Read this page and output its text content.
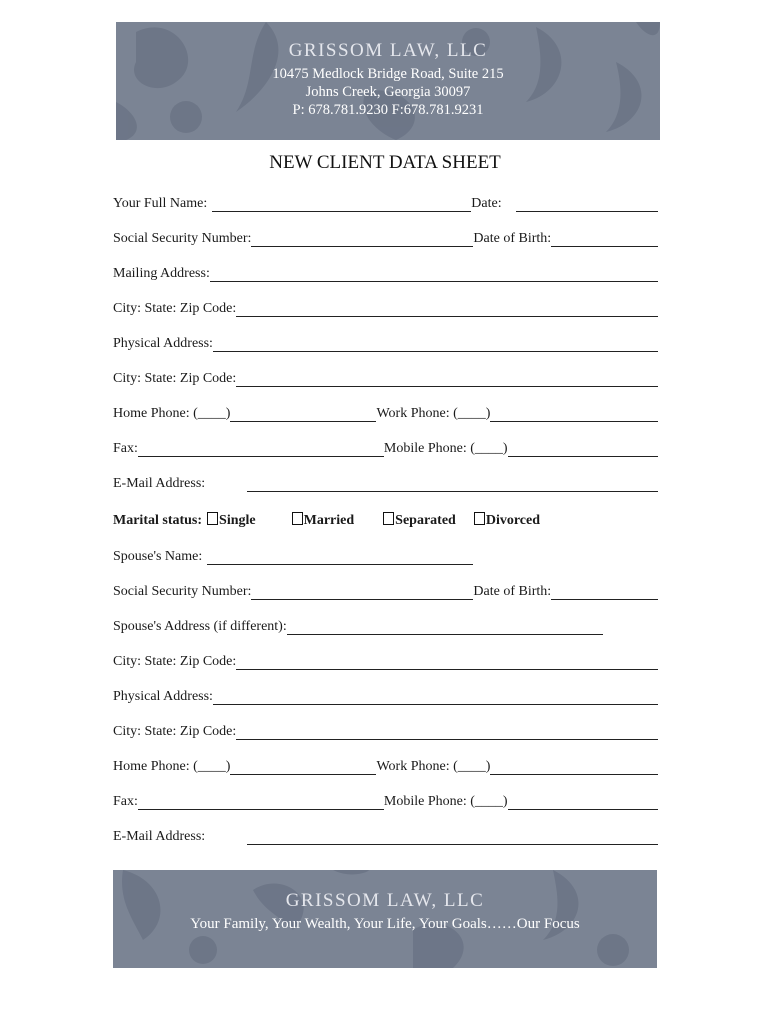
GRISSOM LAW, LLC
10475 Medlock Bridge Road, Suite 215
Johns Creek, Georgia 30097
P: 678.781.9230 F:678.781.9231
NEW CLIENT DATA SHEET
Your Full Name:	Date:
Social Security Number:	Date of Birth:
Mailing Address:
City: State: Zip Code:
Physical Address:
City: State: Zip Code:
Home Phone: (____)	Work Phone: (____)
Fax:	Mobile Phone: (____)
E-Mail Address:
Marital status:	Single	Married	Separated	Divorced
Spouse's Name:
Social Security Number:	Date of Birth:
Spouse's Address (if different):
City: State: Zip Code:
Physical Address:
City: State: Zip Code:
Home Phone: (____)	Work Phone: (____)
Fax:	Mobile Phone: (____)
E-Mail Address:
GRISSOM LAW, LLC
Your Family, Your Wealth, Your Life, Your Goals……Our Focus
